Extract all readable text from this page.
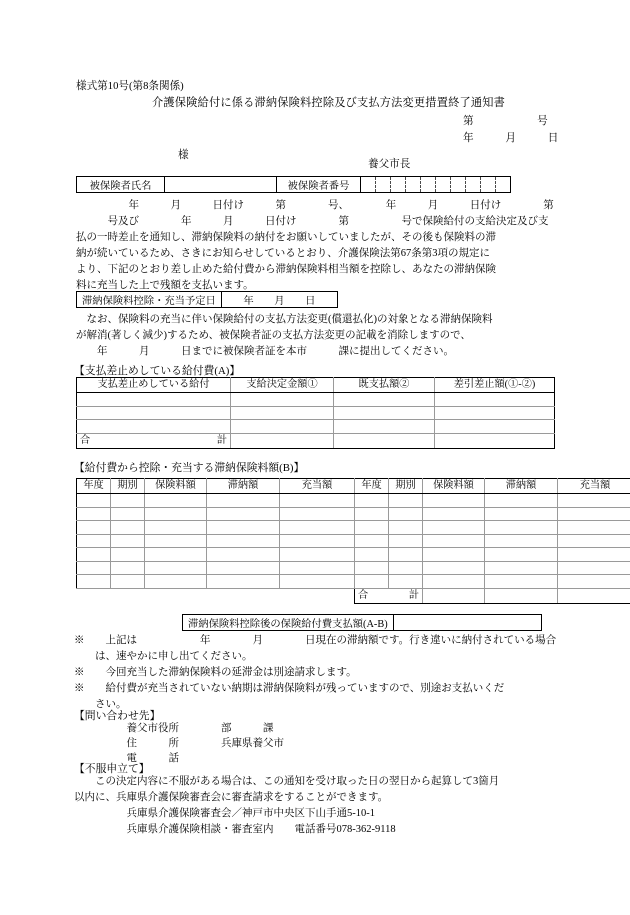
様式第10号(第8条関係)
介護保険給付に係る滞納保険料控除及び支払方法変更措置終了通知書
第　　　　　　号
年　　　月　　　日
様
養父市長
被保険者氏名	被保険者番号
　　　　　年　　　月　　　日付け　　　第　　　　号、　　　　年　　　月　　　日付け　　　　第
　　　号及び　　　　年　　　月　　　日付け　　　　第　　　　　号で保険給付の支給決定及び支
払の一時差止を通知し、滞納保険料の納付をお願いしていましたが、その後も保険料の滞
納が続いているため、さきにお知らせしているとおり、介護保険法第67条第3項の規定に
より、下記のとおり差し止めた給付費から滞納保険料相当額を控除し、あなたの滞納保険
料に充当した上で残額を支払います。
滞納保険料控除・充当予定日	年　　月　　日
　なお、保険料の充当に伴い保険給付の支払方法変更(償還払化)の対象となる滞納保険料
が解消(著しく減少)するため、被保険者証の支払方法変更の記載を消除しますので、
　　年　　　月　　　日までに被保険者証を本市　　　課に提出してください。
【支払差止めしている給付費(A)】
支払差止めしている給付	支給決定金額①	既支払額②	差引差止額(①-②)

合 計			

【給付費から控除・充当する滞納保険料額(B)】
年度	期別	保険料額	滞納額	充当額	年度	期別	保険料額	滞納額	充当額

					合 計				

滞納保険料控除後の保険給付費支払額(A-B)
※　　上記は　　　　　　年　　　　月　　　　日現在の滞納額です。行き違いに納付されている場合
　　は、速やかに申し出てください。
※　　今回充当した滞納保険料の延滞金は別途請求します。
※　　給付費が充当されていない納期は滞納保険料が残っていますので、別途お支払いくだ
　　さい。
【問い合わせ先】
　　　　　養父市役所　　　　部　　　課
　　　　　住　　　所　　　　兵庫県養父市
　　　　　電　　　話
【不服申立て】
　　この決定内容に不服がある場合は、この通知を受け取った日の翌日から起算して3箇月
以内に、兵庫県介護保険審査会に審査請求をすることができます。
　　　　　兵庫県介護保険審査会／神戸市中央区下山手通5-10-1
　　　　　兵庫県介護保険相談・審査室内　　電話番号078-362-9118
